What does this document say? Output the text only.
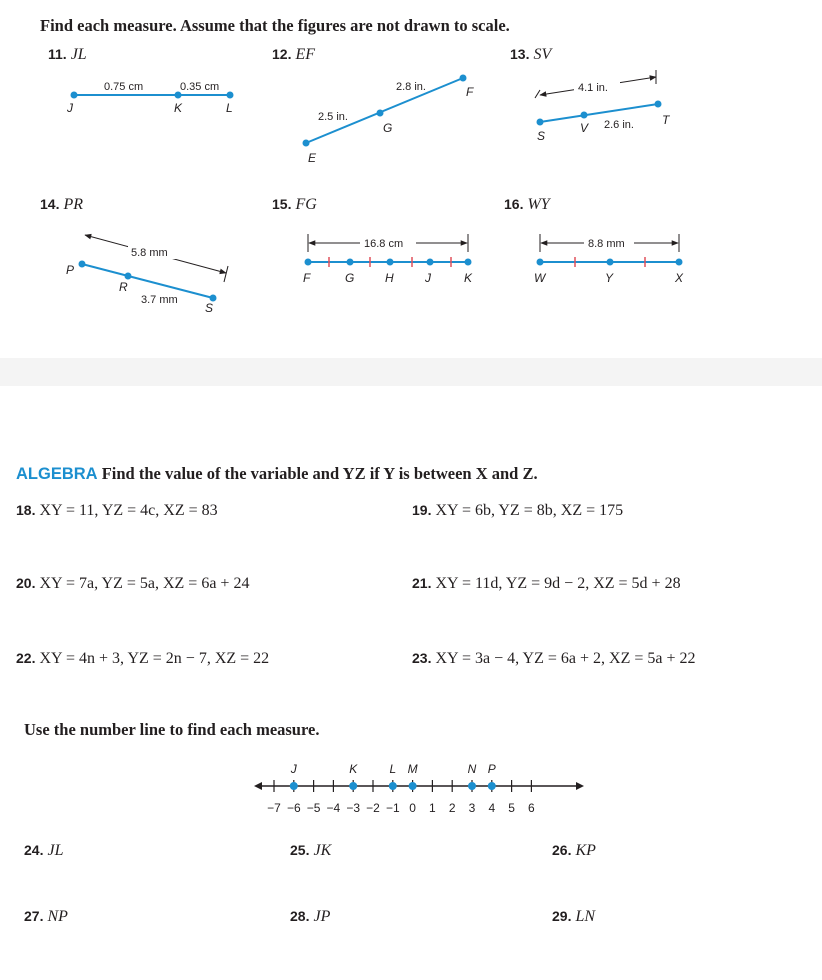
Find each measure. Assume that the figures are not drawn to scale.
11. JL	12. EF	13. SV
14. PR	15. FG	16. WY
0.75 cm	0.35 cm
J	K	L
2.5 in.
2.8 in.
E
G
F	4.1 in.
2.6 in.
S
V
T
5.8 mm
3.7 mm
P
R
S
16.8 cm
F	G	H	J	K
8.8 mm
W	Y	X
ALGEBRA Find the value of the variable and YZ if Y is between X and Z.
18. XY = 11, YZ = 4c, XZ = 83	19. XY = 6b, YZ = 8b, XZ = 175
20. XY = 7a, YZ = 5a, XZ = 6a + 24	21. XY = 11d, YZ = 9d − 2, XZ = 5d + 28
22. XY = 4n + 3, YZ = 2n − 7, XZ = 22	23. XY = 3a − 4, YZ = 6a + 2, XZ = 5a + 22
Use the number line to find each measure.
−7 −6 −5 −4 −3 −2 −1 0 1 2 3 4 5 6
J	K	L M	N P
24. JL	25. JK	26. KP
27. NP	28. JP	29. LN
